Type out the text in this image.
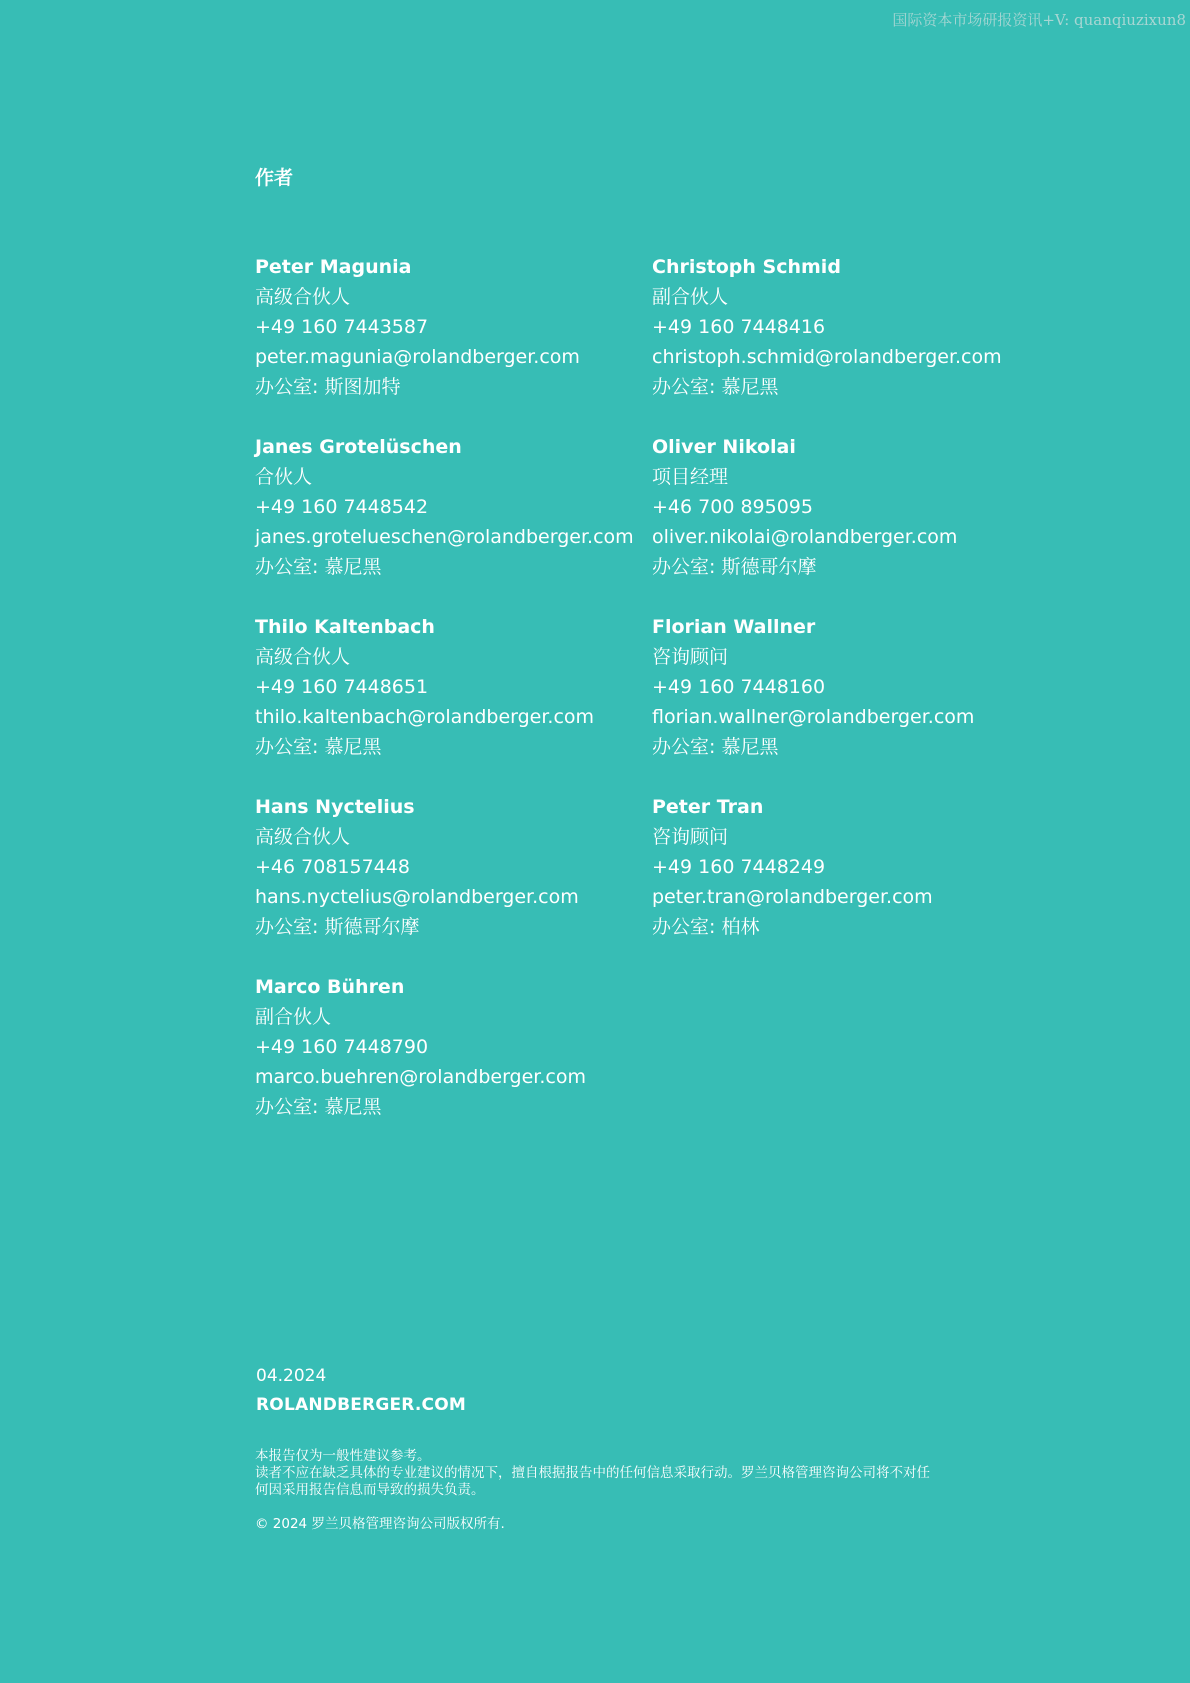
国际资本市场研报资讯+V: quanqiuzixun8
作者
Peter Magunia
高级合伙人
+49 160 7443587
peter.magunia@rolandberger.com
办公室: 斯图加特
Christoph Schmid
副合伙人
+49 160 7448416
christoph.schmid@rolandberger.com
办公室: 慕尼黑
Janes Grotelüschen
合伙人
+49 160 7448542
janes.grotelueschen@rolandberger.com
办公室: 慕尼黑
Oliver Nikolai
项目经理
+46 700 895095
oliver.nikolai@rolandberger.com
办公室: 斯德哥尔摩
Thilo Kaltenbach
高级合伙人
+49 160 7448651
thilo.kaltenbach@rolandberger.com
办公室: 慕尼黑
Florian Wallner
咨询顾问
+49 160 7448160
florian.wallner@rolandberger.com
办公室: 慕尼黑
Hans Nyctelius
高级合伙人
+46 708157448
hans.nyctelius@rolandberger.com
办公室: 斯德哥尔摩
Peter Tran
咨询顾问
+49 160 7448249
peter.tran@rolandberger.com
办公室: 柏林
Marco Bühren
副合伙人
+49 160 7448790
marco.buehren@rolandberger.com
办公室: 慕尼黑
04.2024
ROLANDBERGER.COM
本报告仅为一般性建议参考。
读者不应在缺乏具体的专业建议的情况下，擅自根据报告中的任何信息采取行动。罗兰贝格管理咨询公司将不对任
何因采用报告信息而导致的损失负责。
© 2024 罗兰贝格管理咨询公司版权所有.
